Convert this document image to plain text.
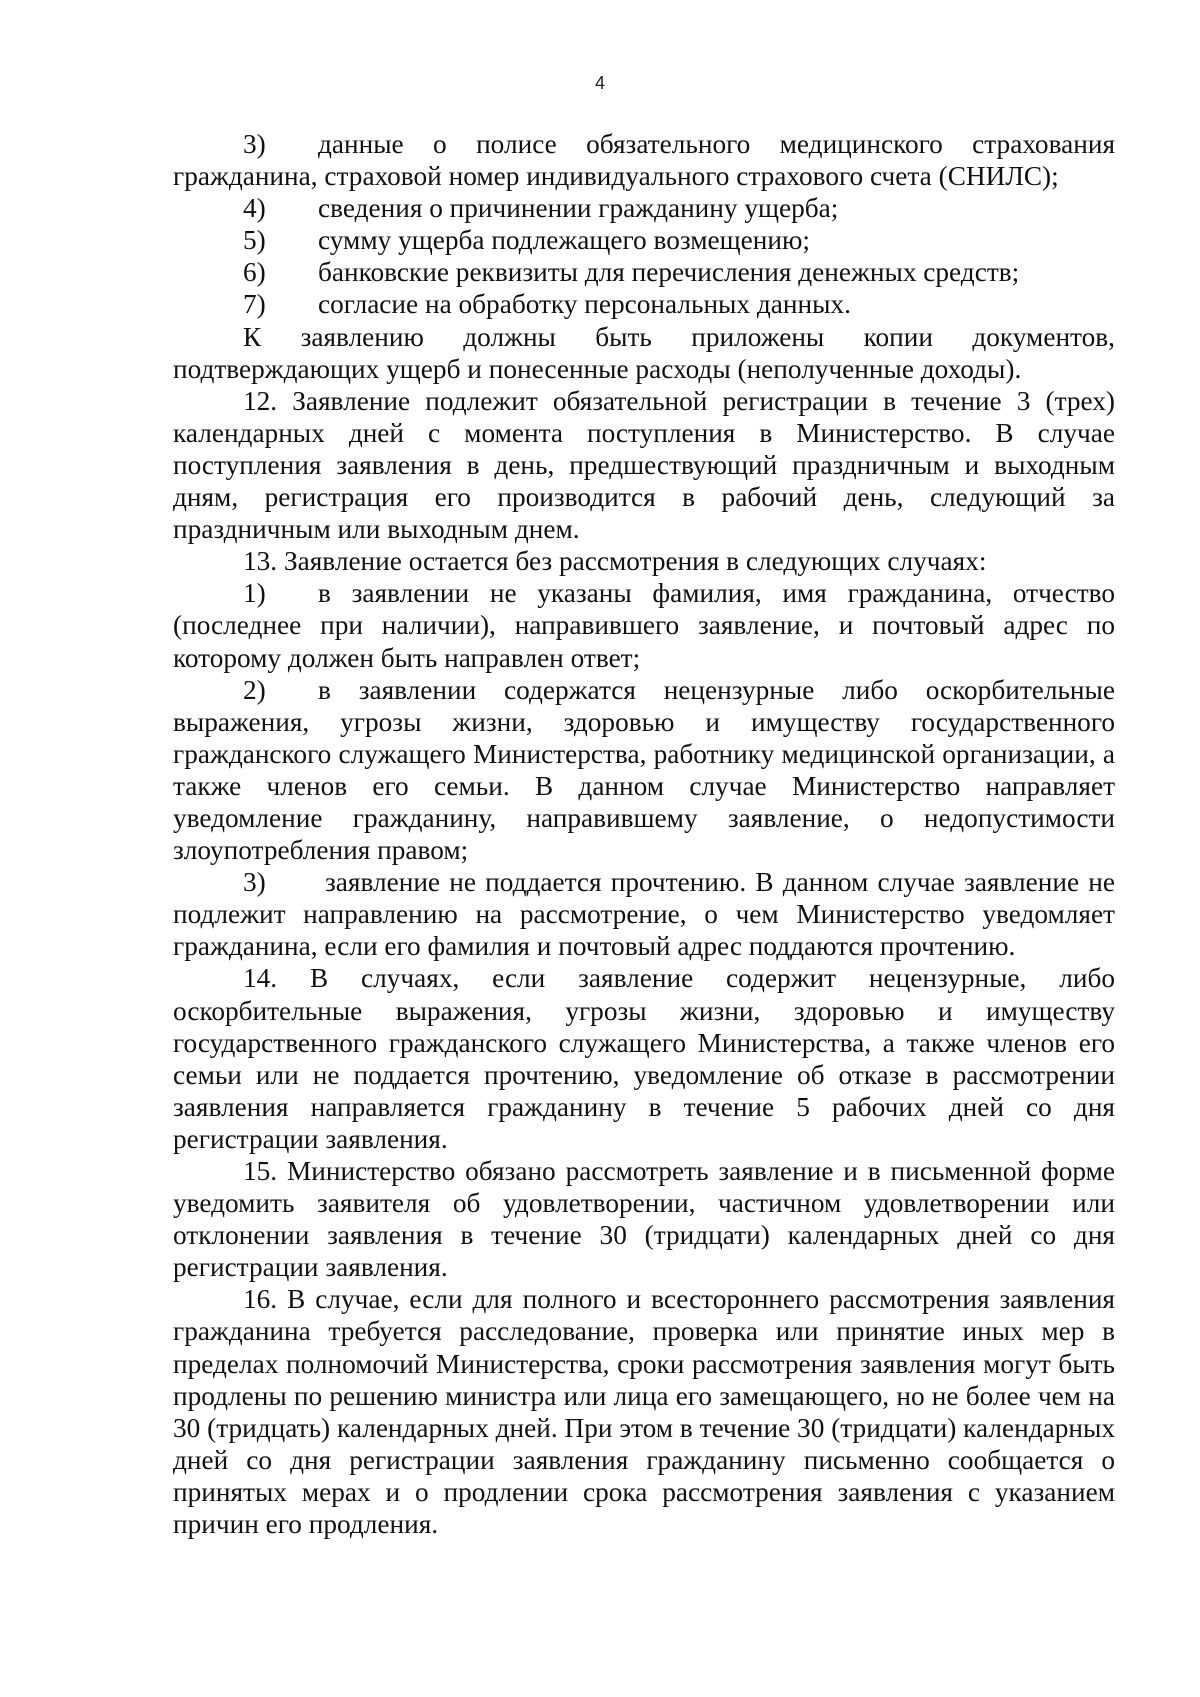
4

3) данные о полисе обязательного медицинского страхования гражданина, страховой номер индивидуального страхового счета (СНИЛС);

4)	сведения о причинении гражданину ущерба;
5)	сумму ущерба подлежащего возмещению;
6)	банковские реквизиты для перечисления денежных средств;
7)	согласие на обработку персональных данных.

К заявлению должны быть приложены копии документов, подтверждающих ущерб и понесенные расходы (неполученные доходы).

12. Заявление подлежит обязательной регистрации в течение 3 (трех) календарных дней с момента поступления в Министерство. В случае поступления заявления в день, предшествующий праздничным и выходным дням, регистрация его производится в рабочий день, следующий за праздничным или выходным днем.

13. Заявление остается без рассмотрения в следующих случаях:

1) в заявлении не указаны фамилия, имя гражданина, отчество (последнее при наличии), направившего заявление, и почтовый адрес по которому должен быть направлен ответ;

2) в заявлении содержатся нецензурные либо оскорбительные выражения, угрозы жизни, здоровью и имуществу государственного гражданского служащего Министерства, работнику медицинской организации, а также членов его семьи. В данном случае Министерство направляет уведомление гражданину, направившему заявление, о недопустимости злоупотребления правом;

3) заявление не поддается прочтению. В данном случае заявление не подлежит направлению на рассмотрение, о чем Министерство уведомляет гражданина, если его фамилия и почтовый адрес поддаются прочтению.

14. В случаях, если заявление содержит нецензурные, либо оскорбительные выражения, угрозы жизни, здоровью и имуществу государственного гражданского служащего Министерства, а также членов его семьи или не поддается прочтению, уведомление об отказе в рассмотрении заявления направляется гражданину в течение 5 рабочих дней со дня регистрации заявления.

15. Министерство обязано рассмотреть заявление и в письменной форме уведомить заявителя об удовлетворении, частичном удовлетворении или отклонении заявления в течение 30 (тридцати) календарных дней со дня регистрации заявления.

16. В случае, если для полного и всестороннего рассмотрения заявления гражданина требуется расследование, проверка или принятие иных мер в пределах полномочий Министерства, сроки рассмотрения заявления могут быть продлены по решению министра или лица его замещающего, но не более чем на 30 (тридцать) календарных дней. При этом в течение 30 (тридцати) календарных дней со дня регистрации заявления гражданину письменно сообщается о принятых мерах и о продлении срока рассмотрения заявления с указанием причин его продления.
